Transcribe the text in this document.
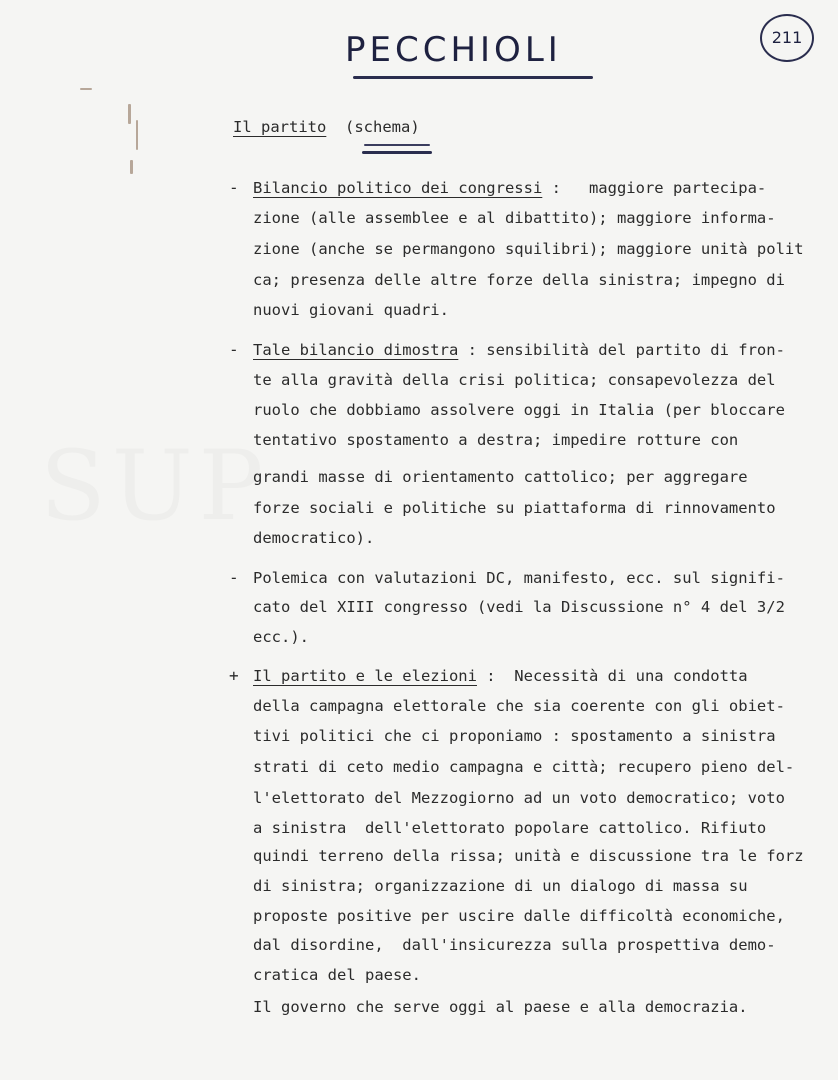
SUP
PECCHIOLI	211
Il partito (schema)
- Bilancio politico dei congressi :   maggiore partecipa-
zione (alle assemblee e al dibattito); maggiore informa-
zione (anche se permangono squilibri); maggiore unità polit
ca; presenza delle altre forze della sinistra; impegno di
nuovi giovani quadri.
- Tale bilancio dimostra : sensibilità del partito di fron-
te alla gravità della crisi politica; consapevolezza del
ruolo che dobbiamo assolvere oggi in Italia (per bloccare
tentativo spostamento a destra; impedire rotture con
grandi masse di orientamento cattolico; per aggregare
forze sociali e politiche su piattaforma di rinnovamento
democratico).
- Polemica con valutazioni DC, manifesto, ecc. sul signifi-
cato del XIII congresso (vedi la Discussione n° 4 del 3/2
ecc.).
+ Il partito e le elezioni :  Necessità di una condotta
della campagna elettorale che sia coerente con gli obiet-
tivi politici che ci proponiamo : spostamento a sinistra
strati di ceto medio campagna e città; recupero pieno del-
l'elettorato del Mezzogiorno ad un voto democratico; voto
a sinistra  dell'elettorato popolare cattolico. Rifiuto
quindi terreno della rissa; unità e discussione tra le forz
di sinistra; organizzazione di un dialogo di massa su
proposte positive per uscire dalle difficoltà economiche,
dal disordine,  dall'insicurezza sulla prospettiva demo-
cratica del paese.
Il governo che serve oggi al paese e alla democrazia.
